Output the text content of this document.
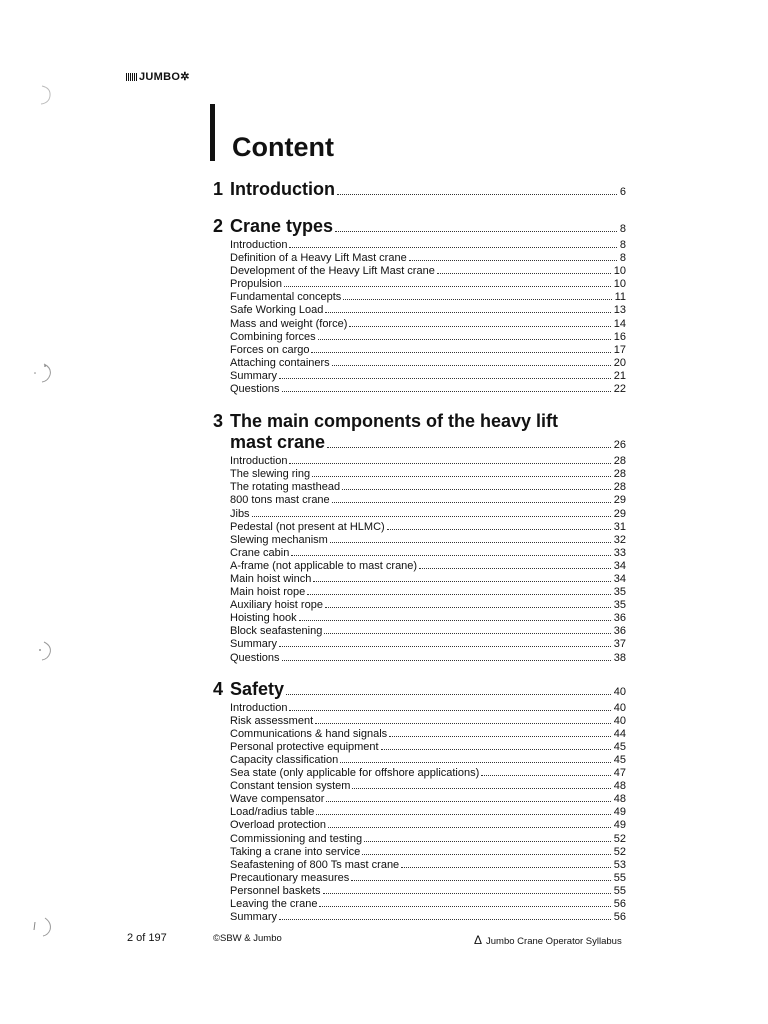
JUMBO✲
Content
1 Introduction	6
2 Crane types	8
Introduction	8
Definition of a Heavy Lift Mast crane	8
Development of the Heavy Lift Mast crane	10
Propulsion	10
Fundamental concepts	11
Safe Working Load	13
Mass and weight (force)	14
Combining forces	16
Forces on cargo	17
Attaching containers	20
Summary	21
Questions	22
3 The main components of the heavy lift
mast crane	26
Introduction	28
The slewing ring	28
The rotating masthead	28
800 tons mast crane	29
Jibs	29
Pedestal (not present at HLMC)	31
Slewing mechanism	32
Crane cabin	33
A-frame (not applicable to mast crane)	34
Main hoist winch	34
Main hoist rope	35
Auxiliary hoist rope	35
Hoisting hook	36
Block seafastening	36
Summary	37
Questions	38
4 Safety	40
Introduction	40
Risk assessment	40
Communications & hand signals	44
Personal protective equipment	45
Capacity classification	45
Sea state (only applicable for offshore applications)	47
Constant tension system	48
Wave compensator	48
Load/radius table	49
Overload protection	49
Commissioning and testing	52
Taking a crane into service	52
Seafastening of 800 Ts mast crane	53
Precautionary measures	55
Personnel baskets	55
Leaving the crane	56
Summary	56
2 of 197	©SBW & Jumbo	Δ Jumbo Crane Operator Syllabus
